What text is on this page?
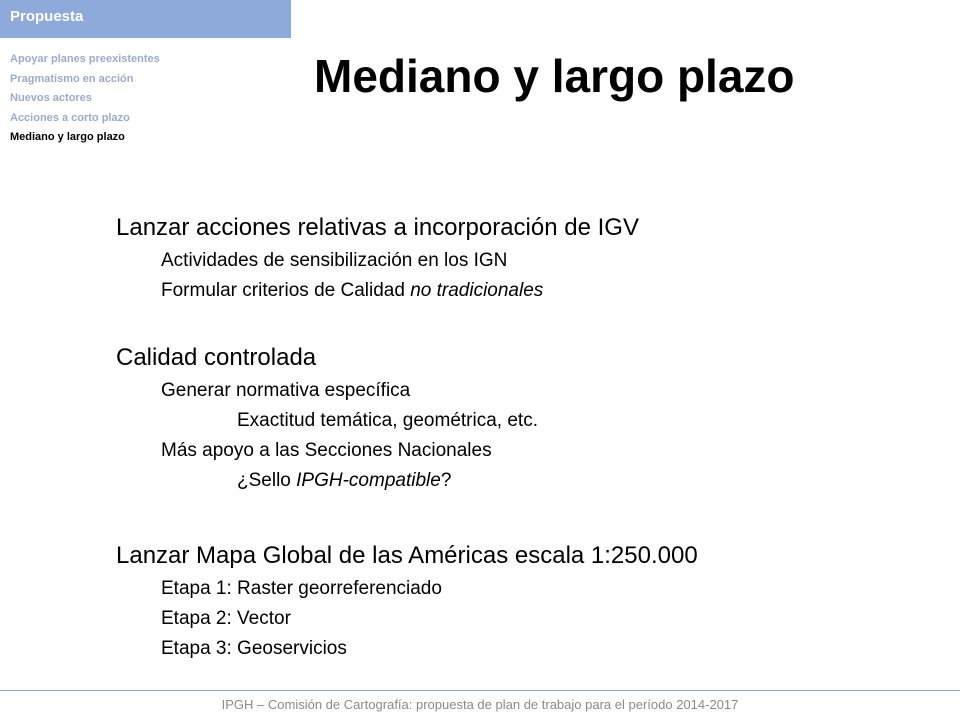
Propuesta
Apoyar planes preexistentes
Pragmatismo en acción
Nuevos actores
Acciones a corto plazo
Mediano y largo plazo
Mediano y largo plazo
Lanzar acciones relativas a incorporación de IGV
Actividades de sensibilización en los IGN
Formular criterios de Calidad no tradicionales
Calidad controlada
Generar normativa específica
Exactitud temática, geométrica, etc.
Más apoyo a las Secciones Nacionales
¿Sello IPGH-compatible?
Lanzar Mapa Global de las Américas escala 1:250.000
Etapa 1: Raster georreferenciado
Etapa 2: Vector
Etapa 3: Geoservicios
IPGH – Comisión de Cartografía: propuesta de plan de trabajo para el período 2014-2017
